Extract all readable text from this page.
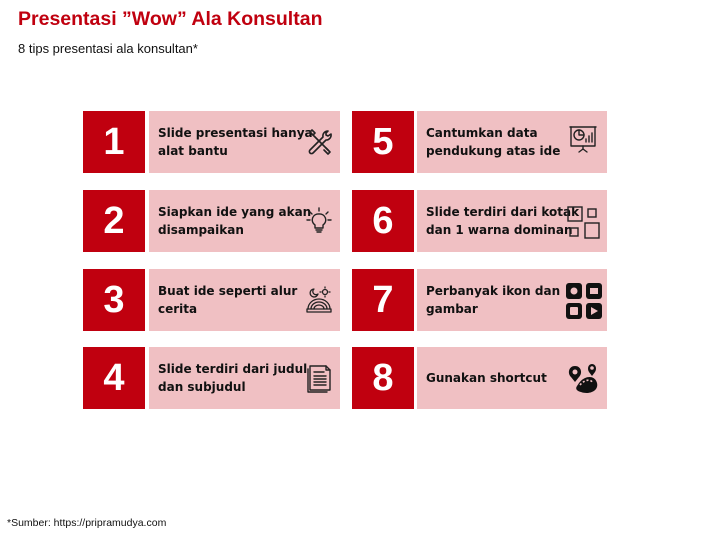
Presentasi ”Wow” Ala Konsultan
8 tips presentasi ala konsultan*
1	Slide presentasi hanya
alat bantu
2	Siapkan ide yang akan
disampaikan
3	Buat ide seperti alur
cerita
4	Slide terdiri dari judul
dan subjudul
5	Cantumkan data
pendukung atas ide
6	Slide terdiri dari kotak
dan 1 warna dominan
7	Perbanyak ikon dan
gambar
8	Gunakan shortcut
*Sumber: https://pripramudya.com
